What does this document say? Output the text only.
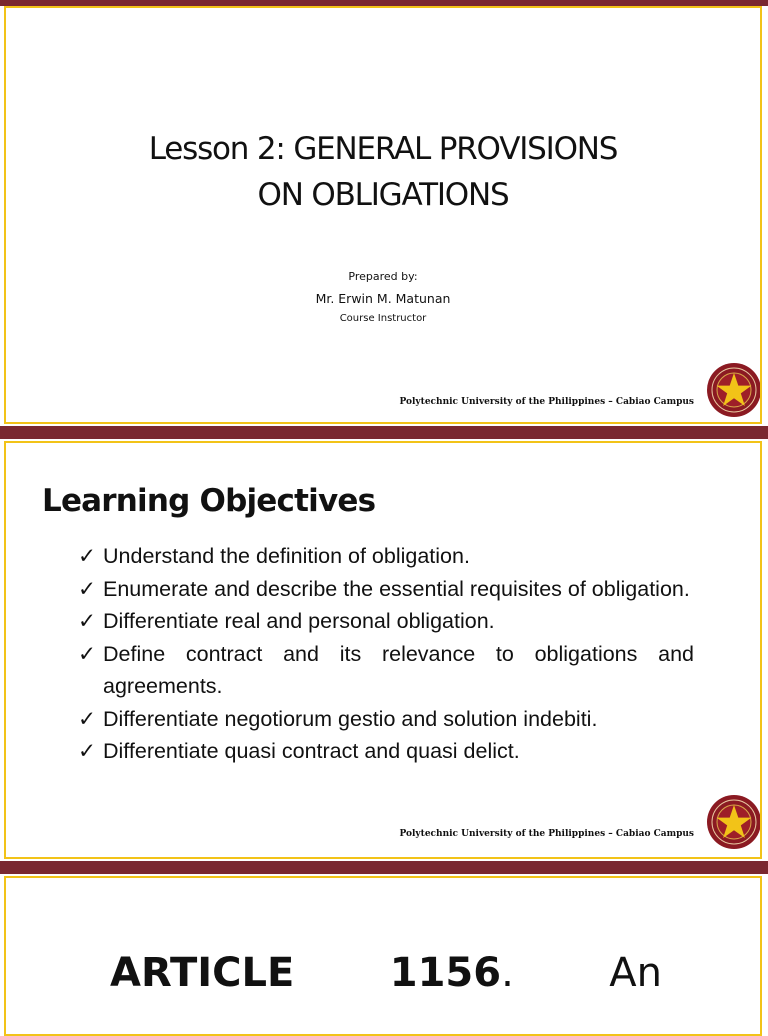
Lesson 2: GENERAL PROVISIONS
ON OBLIGATIONS
Prepared by:
Mr. Erwin M. Matunan
Course Instructor
Polytechnic University of the Philippines – Cabiao Campus
Learning Objectives
✓ Understand the definition of obligation.
✓ Enumerate and describe the essential requisites of obligation.
✓ Differentiate real and personal obligation.
✓ Define contract and its relevance to obligations and agreements.
✓ Differentiate negotiorum gestio and solution indebiti.
✓ Differentiate quasi contract and quasi delict.
Polytechnic University of the Philippines – Cabiao Campus
ARTICLE 1156. An
